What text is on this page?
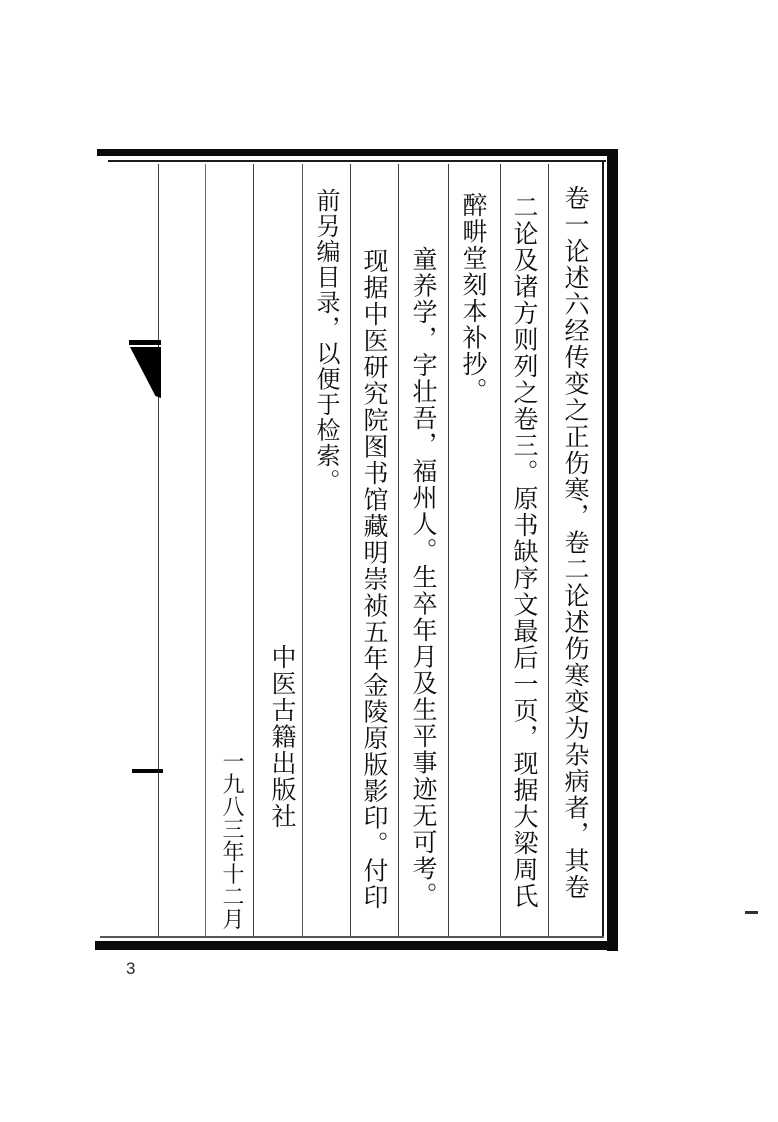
卷一论述六经传变之正伤寒，卷二论述伤寒变为杂病者，其卷
二论及诸方则列之卷三。原书缺序文最后一页，现据大梁周氏
醉畊堂刻本补抄。
童养学，字壮吾，福州人。生卒年月及生平事迹无可考。
现据中医研究院图书馆藏明崇祯五年金陵原版影印。付印
前另编目录，以便于检索。
中医古籍出版社
一九八三年十二月
3
